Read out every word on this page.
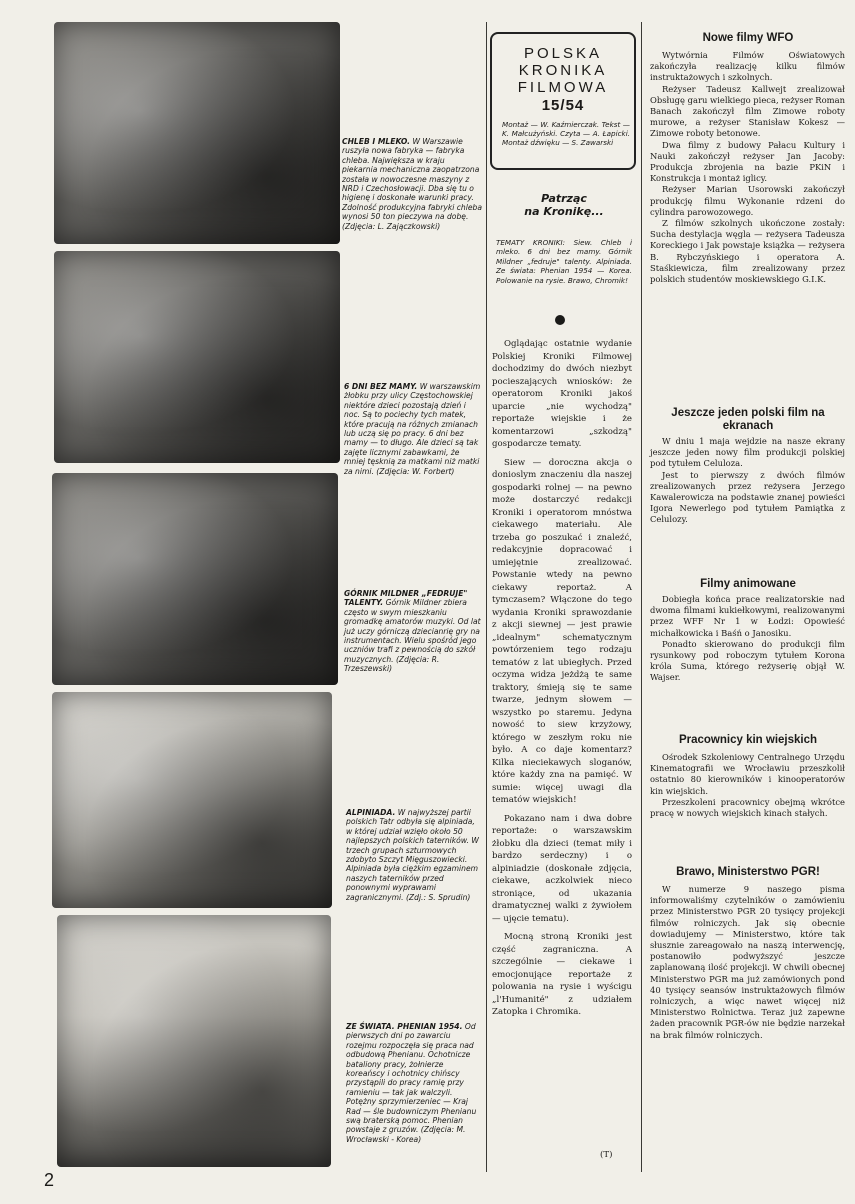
CHLEB I MLEKO. W Warszawie ruszyła nowa fabryka — fabryka chleba. Największa w kraju piekarnia mechaniczna zaopatrzona została w nowoczesne maszyny z NRD i Czechosłowacji. Dba się tu o higienę i doskonałe warunki pracy. Zdolność produkcyjna fabryki chleba wynosi 50 ton pieczywa na dobę. (Zdjęcia: L. Zajączkowski)
6 DNI BEZ MAMY. W warszawskim żłobku przy ulicy Częstochowskiej niektóre dzieci pozostają dzień i noc. Są to pociechy tych matek, które pracują na różnych zmianach lub uczą się po pracy. 6 dni bez mamy — to długo. Ale dzieci są tak zajęte licznymi zabawkami, że mniej tęsknią za matkami niż matki za nimi. (Zdjęcia: W. Forbert)
GÓRNIK MILDNER „FEDRUJE" TALENTY. Górnik Mildner zbiera często w swym mieszkaniu gromadkę amatorów muzyki. Od lat już uczy górniczą dziecianrię gry na instrumentach. Wielu spośród jego uczniów trafi z pewnością do szkół muzycznych. (Zdjęcia: R. Trzeszewski)
ALPINIADA. W najwyższej partii polskich Tatr odbyła się alpiniada, w której udział wzięło około 50 najlepszych polskich taterników. W trzech grupach szturmowych zdobyto Szczyt Mięguszowiecki. Alpiniada była ciężkim egzaminem naszych taterników przed ponownymi wyprawami zagranicznymi. (Zdj.: S. Sprudin)
ZE ŚWIATA. PHENIAN 1954. Od pierwszych dni po zawarciu rozejmu rozpoczęła się praca nad odbudową Phenianu. Ochotnicze bataliony pracy, żołnierze koreańscy i ochotnicy chińscy przystąpili do pracy ramię przy ramieniu — tak jak walczyli. Potężny sprzymierzeniec — Kraj Rad — śle budowniczym Phenianu swą braterską pomoc. Phenian powstaje z gruzów. (Zdjęcia: M. Wrocławski - Korea)
POLSKA
KRONIKA
FILMOWA
15/54
Montaż — W. Kaźmierczak. Tekst — K. Małcużyński. Czyta — A. Łapicki. Montaż dźwięku — S. Zawarski
Patrząc
na Kronikę...
TEMATY KRONIKI: Siew. Chleb i mleko. 6 dni bez mamy. Górnik Mildner „fedruje" talenty. Alpiniada. Ze świata: Phenian 1954 — Korea. Polowanie na rysie. Brawo, Chromik!

Oglądając ostatnie wydanie Polskiej Kroniki Filmowej dochodzimy do dwóch niezbyt pocieszających wniosków: że operatorom Kroniki jakoś uparcie „nie wychodzą" reportaże wiejskie i że komentarzowi „szkodzą" gospodarcze tematy.

Siew — doroczna akcja o donioslym znaczeniu dla naszej gospodarki rolnej — na pewno może dostarczyć redakcji Kroniki i operatorom mnóstwa ciekawego materiału. Ale trzeba go poszukać i znaleźć, redakcyjnie dopracować i umiejętnie zrealizować. Powstanie wtedy na pewno ciekawy reportaż. A tymczasem? Włączone do tego wydania Kroniki sprawozdanie z akcji siewnej — jest prawie „idealnym" schematycznym powtórzeniem tego rodzaju tematów z lat ubiegłych. Przed oczyma widza jeżdżą te same traktory, śmieją się te same twarze, jednym słowem — wszystko po staremu. Jedyna nowość to siew krzyżowy, którego w zeszłym roku nie było. A co daje komentarz? Kilka nieciekawych sloganów, które każdy zna na pamięć. W sumie: więcej uwagi dla tematów wiejskich!

Pokazano nam i dwa dobre reportaże: o warszawskim żłobku dla dzieci (temat miły i bardzo serdeczny) i o alpiniadzie (doskonałe zdjęcia, ciekawe, aczkolwiek nieco stroniące, od ukazania dramatycznej walki z żywiołem — ujęcie tematu).

Mocną stroną Kroniki jest część zagraniczna. A szczególnie — ciekawe i emocjonujące reportaże z polowania na rysie i wyścigu „l'Humanité" z udziałem Zatopka i Chromika.

(T)
Nowe filmy WFO

Wytwórnia Filmów Oświatowych zakończyła realizację kilku filmów instruktażowych i szkolnych.

Reżyser Tadeusz Kallwejt zrealizował Obsługę garu wielkiego pieca, reżyser Roman Banach zakończył film Zimowe roboty murowe, a reżyser Stanisław Kokesz — Zimowe roboty betonowe.

Dwa filmy z budowy Pałacu Kultury i Nauki zakończył reżyser Jan Jacoby: Produkcja zbrojenia na bazie PKiN i Konstrukcja i montaż iglicy.

Reżyser Marian Usorowski zakończył produkcję filmu Wykonanie rdzeni do cylindra parowozowego.

Z filmów szkolnych ukończone zostały: Sucha destylacja węgla — reżysera Tadeusza Koreckiego i Jak powstaje książka — reżysera B. Rybczyńskiego i operatora A. Staśkiewicza, film zrealizowany przez polskich studentów moskiewskiego G.I.K.

Jeszcze jeden polski film na ekranach

W dniu 1 maja wejdzie na nasze ekrany jeszcze jeden nowy film produkcji polskiej pod tytułem Celuloza.

Jest to pierwszy z dwóch filmów zrealizowanych przez reżysera Jerzego Kawalerowicza na podstawie znanej powieści Igora Newerlego pod tytułem Pamiątka z Celulozy.

Filmy animowane

Dobiegła końca prace realizatorskie nad dwoma filmami kukiełkowymi, realizowanymi przez WFF Nr 1 w Łodzi: Opowieść michałkowicka i Baśń o Janosiku.

Ponadto skierowano do produkcji film rysunkowy pod roboczym tytułem Korona króla Suma, którego reżyserię objął W. Wajser.

Pracownicy kin wiejskich

Ośrodek Szkoleniowy Centralnego Urzędu Kinematografii we Wrocławiu przeszkolił ostatnio 80 kierowników i kinooperatorów kin wiejskich.

Przeszkoleni pracownicy obejmą wkrótce pracę w nowych wiejskich kinach stałych.

Brawo, Ministerstwo PGR!

W numerze 9 naszego pisma informowaliśmy czytelników o zamówieniu przez Ministerstwo PGR 20 tysięcy projekcji filmów rolniczych. Jak się obecnie dowiadujemy — Ministerstwo, które tak słusznie zareagowało na naszą interwencję, postanowiło podwyższyć jeszcze zaplanowaną ilość projekcji. W chwili obecnej Ministerstwo PGR ma już zamówionych pond 40 tysięcy seansów instruktażowych filmów rolniczych, a więc nawet więcej niż Ministerstwo Rolnictwa. Teraz już zapewne żaden pracownik PGR-ów nie będzie narzekał na brak filmów rolniczych.

2
